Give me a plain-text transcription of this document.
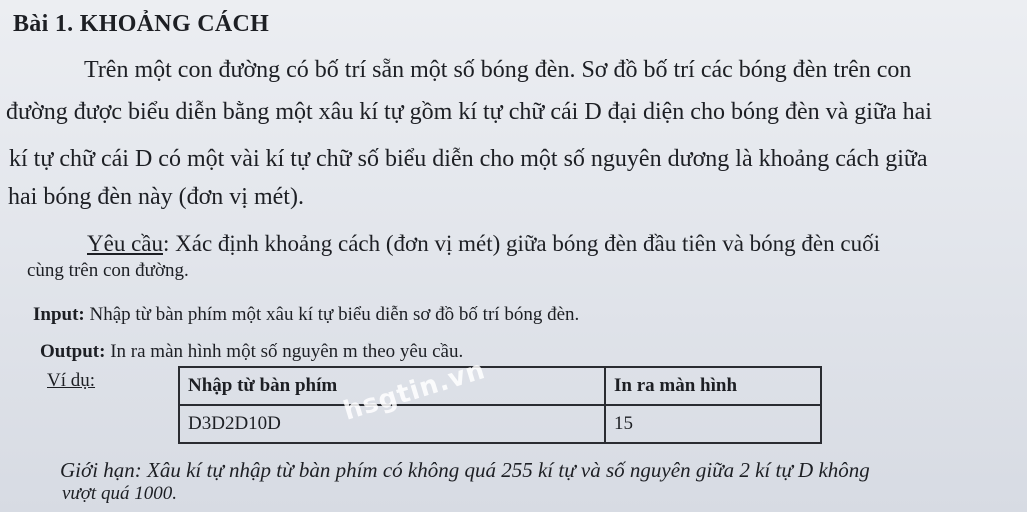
Bài 1. KHOẢNG CÁCH
Trên một con đường có bố trí sẵn một số bóng đèn. Sơ đồ bố trí các bóng đèn trên con
đường được biểu diễn bằng một xâu kí tự gồm kí tự chữ cái D đại diện cho bóng đèn và giữa hai
kí tự chữ cái D có một vài kí tự chữ số biểu diễn cho một số nguyên dương là khoảng cách giữa
hai bóng đèn này (đơn vị mét).
Yêu cầu: Xác định khoảng cách (đơn vị mét) giữa bóng đèn đầu tiên và bóng đèn cuối
cùng trên con đường.
Input: Nhập từ bàn phím một xâu kí tự biểu diễn sơ đồ bố trí bóng đèn.
Output: In ra màn hình một số nguyên m theo yêu cầu.
Ví dụ:	Nhập từ bàn phím	In ra màn hình
D3D2D10D	15
hsgtin.vn
Giới hạn: Xâu kí tự nhập từ bàn phím có không quá 255 kí tự và số nguyên giữa 2 kí tự D không
vượt quá 1000.
